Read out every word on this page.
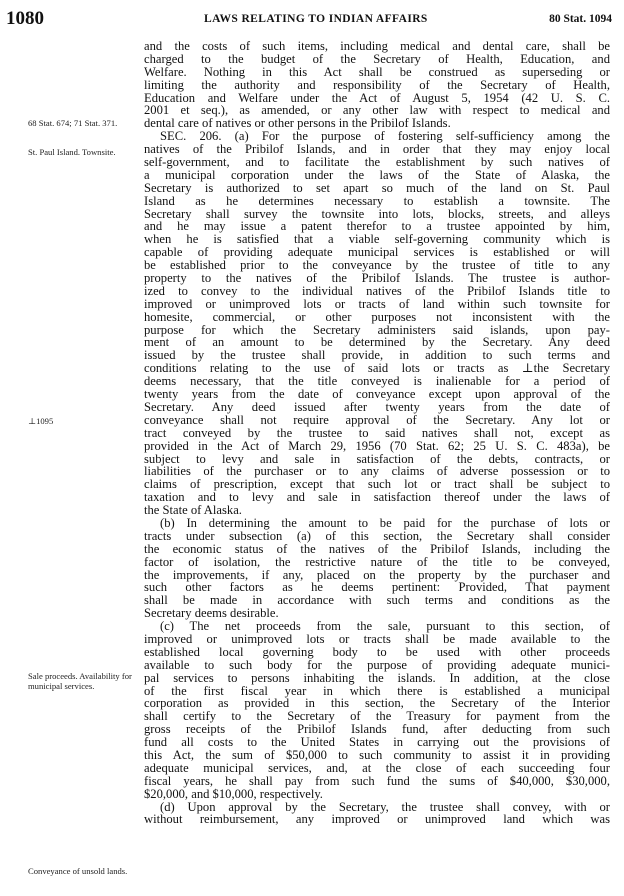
1080	LAWS RELATING TO INDIAN AFFAIRS	80 Stat. 1094
68 Stat. 674; 71 Stat. 371.
St. Paul Island. Townsite.
⊥1095
Sale proceeds. Availability for municipal services.
Conveyance of unsold lands.
and the costs of such items, including medical and dental care, shall be
charged to the budget of the Secretary of Health, Education, and
Welfare. Nothing in this Act shall be construed as superseding or
limiting the authority and responsibility of the Secretary of Health,
Education and Welfare under the Act of August 5, 1954 (42 U. S. C.
2001 et seq.), as amended, or any other law with respect to medical and
dental care of natives or other persons in the Pribilof Islands.
SEC. 206. (a) For the purpose of fostering self-sufficiency among the
natives of the Pribilof Islands, and in order that they may enjoy local
self-government, and to facilitate the establishment by such natives of
a municipal corporation under the laws of the State of Alaska, the
Secretary is authorized to set apart so much of the land on St. Paul
Island as he determines necessary to establish a townsite. The
Secretary shall survey the townsite into lots, blocks, streets, and alleys
and he may issue a patent therefor to a trustee appointed by him,
when he is satisfied that a viable self-governing community which is
capable of providing adequate municipal services is established or will
be established prior to the conveyance by the trustee of title to any
property to the natives of the Pribilof Islands. The trustee is author-
ized to convey to the individual natives of the Pribilof Islands title to
improved or unimproved lots or tracts of land within such townsite for
homesite, commercial, or other purposes not inconsistent with the
purpose for which the Secretary administers said islands, upon pay-
ment of an amount to be determined by the Secretary. Any deed
issued by the trustee shall provide, in addition to such terms and
conditions relating to the use of said lots or tracts as ⊥the Secretary
deems necessary, that the title conveyed is inalienable for a period of
twenty years from the date of conveyance except upon approval of the
Secretary. Any deed issued after twenty years from the date of
conveyance shall not require approval of the Secretary. Any lot or
tract conveyed by the trustee to said natives shall not, except as
provided in the Act of March 29, 1956 (70 Stat. 62; 25 U. S. C. 483a), be
subject to levy and sale in satisfaction of the debts, contracts, or
liabilities of the purchaser or to any claims of adverse possession or to
claims of prescription, except that such lot or tract shall be subject to
taxation and to levy and sale in satisfaction thereof under the laws of
the State of Alaska.
(b) In determining the amount to be paid for the purchase of lots or
tracts under subsection (a) of this section, the Secretary shall consider
the economic status of the natives of the Pribilof Islands, including the
factor of isolation, the restrictive nature of the title to be conveyed,
the improvements, if any, placed on the property by the purchaser and
such other factors as he deems pertinent: Provided, That payment
shall be made in accordance with such terms and conditions as the
Secretary deems desirable.
(c) The net proceeds from the sale, pursuant to this section, of
improved or unimproved lots or tracts shall be made available to the
established local governing body to be used with other proceeds
available to such body for the purpose of providing adequate munici-
pal services to persons inhabiting the islands. In addition, at the close
of the first fiscal year in which there is established a municipal
corporation as provided in this section, the Secretary of the Interior
shall certify to the Secretary of the Treasury for payment from the
gross receipts of the Pribilof Islands fund, after deducting from such
fund all costs to the United States in carrying out the provisions of
this Act, the sum of $50,000 to such community to assist it in providing
adequate municipal services, and, at the close of each succeeding four
fiscal years, he shall pay from such fund the sums of $40,000, $30,000,
$20,000, and $10,000, respectively.
(d) Upon approval by the Secretary, the trustee shall convey, with or
without reimbursement, any improved or unimproved land which was
